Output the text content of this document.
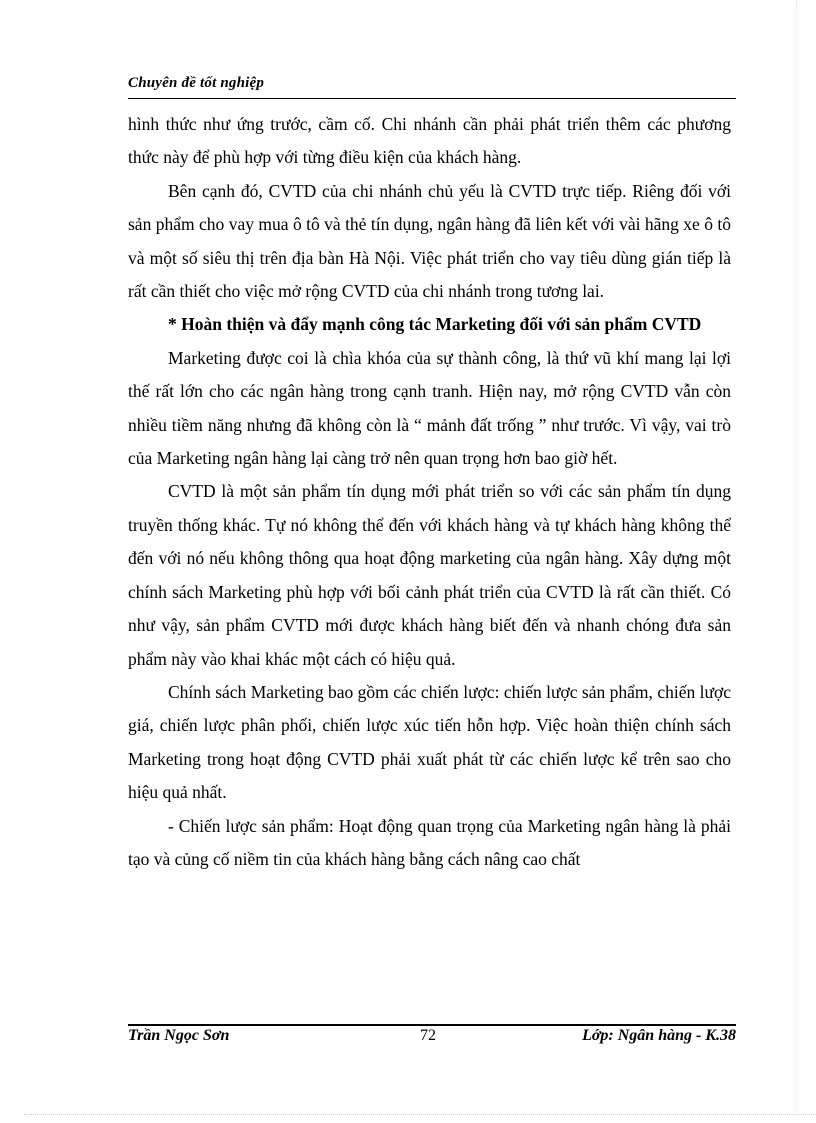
Chuyên đề tốt nghiệp

hình thức như ứng trước, cầm cố. Chi nhánh cần phải phát triển thêm các phương thức này để phù hợp với từng điều kiện của khách hàng.

Bên cạnh đó, CVTD của chi nhánh chủ yếu là CVTD trực tiếp. Riêng đối với sản phẩm cho vay mua ô tô và thẻ tín dụng, ngân hàng đã liên kết với vài hãng xe ô tô và một số siêu thị trên địa bàn Hà Nội. Việc phát triển cho vay tiêu dùng gián tiếp là rất cần thiết cho việc mở rộng CVTD của chi nhánh trong tương lai.

* Hoàn thiện và đẩy mạnh công tác Marketing đối với sản phẩm CVTD

Marketing được coi là chìa khóa của sự thành công, là thứ vũ khí mang lại lợi thế rất lớn cho các ngân hàng trong cạnh tranh. Hiện nay, mở rộng CVTD vẫn còn nhiều tiềm năng nhưng đã không còn là “ mảnh đất trống ” như trước. Vì vậy, vai trò của Marketing ngân hàng lại càng trở nên quan trọng hơn bao giờ hết.

CVTD là một sản phẩm tín dụng mới phát triển so với các sản phẩm tín dụng truyền thống khác. Tự nó không thể đến với khách hàng và tự khách hàng không thể đến với nó nếu không thông qua hoạt động marketing của ngân hàng. Xây dựng một chính sách Marketing phù hợp với bối cảnh phát triển của CVTD là rất cần thiết. Có như vậy, sản phẩm CVTD mới được khách hàng biết đến và nhanh chóng đưa sản phẩm này vào khai khác một cách có hiệu quả.

Chính sách Marketing bao gồm các chiến lược: chiến lược sản phẩm, chiến lược giá, chiến lược phân phối, chiến lược xúc tiến hỗn hợp. Việc hoàn thiện chính sách Marketing trong hoạt động CVTD phải xuất phát từ các chiến lược kể trên sao cho hiệu quả nhất.

- Chiến lược sản phẩm: Hoạt động quan trọng của Marketing ngân hàng là phải tạo và củng cố niềm tin của khách hàng bằng cách nâng cao chất

Trần Ngọc Sơn	72	Lớp: Ngân hàng - K.38
